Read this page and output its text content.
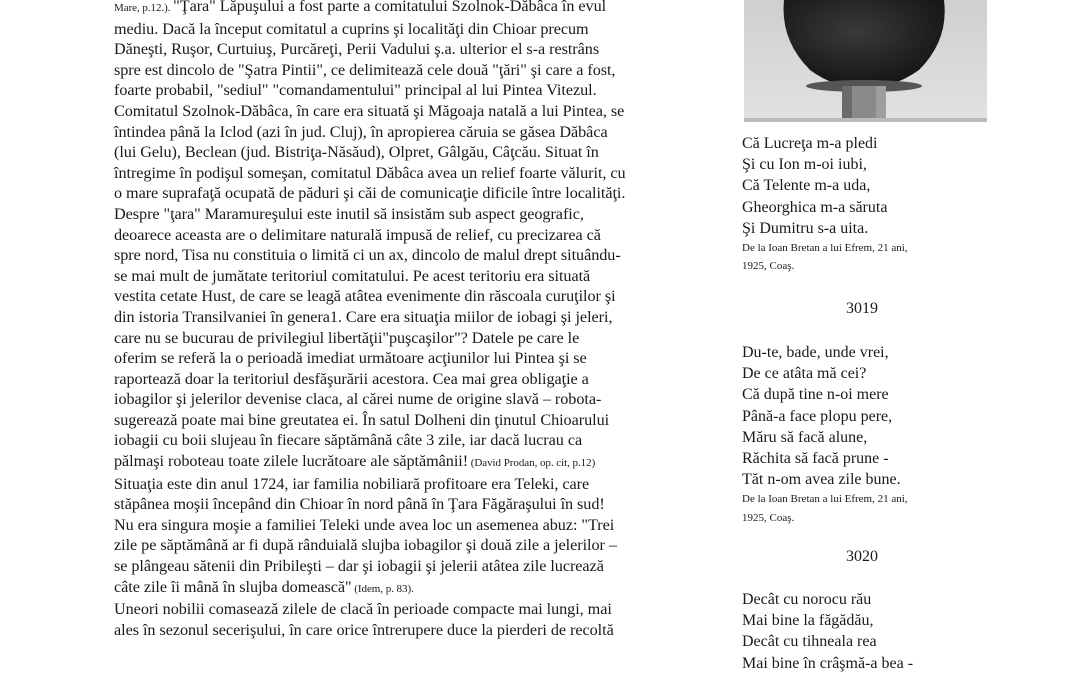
Mare, p.12.). "Ţara" Lăpuşului a fost parte a comitatului Szolnok-Dăbâca în evul
mediu. Dacă la început comitatul a cuprins şi localităţi din Chioar precum
Dăneşti, Ruşor, Curtuiuş, Purcăreţi, Perii Vadului ş.a. ulterior el s-a restrâns
spre est dincolo de "Şatra Pintii", ce delimitează cele două "ţări" şi care a fost,
foarte probabil, "sediul" "comandamentului" principal al lui Pintea Vitezul.
Comitatul Szolnok-Dăbâca, în care era situată şi Măgoaja natală a lui Pintea, se
întindea până la Iclod (azi în jud. Cluj), în apropierea căruia se găsea Dăbâca
(lui Gelu), Beclean (jud. Bistriţa-Năsăud), Olpret, Gâlgău, Câţcău. Situat în
întregime în podişul someşan, comitatul Dăbâca avea un relief foarte vălurit, cu
o mare suprafaţă ocupată de păduri şi căi de comunicaţie dificile între localităţi.
Despre "ţara" Maramureşului este inutil să insistăm sub aspect geografic,
deoarece aceasta are o delimitare naturală impusă de relief, cu precizarea că
spre nord, Tisa nu constituia o limită ci un ax, dincolo de malul drept situându-
se mai mult de jumătate teritoriul comitatului. Pe acest teritoriu era situată
vestita cetate Hust, de care se leagă atâtea evenimente din răscoala curuţilor şi
din istoria Transilvaniei în genera1. Care era situaţia miilor de iobagi şi jeleri,
care nu se bucurau de privilegiul libertăţii"puşcaşilor"? Datele pe care le
oferim se referă la o perioadă imediat următoare acţiunilor lui Pintea şi se
raportează doar la teritoriul desfăşurării acestora. Cea mai grea obligaţie a
iobagilor şi jelerilor devenise claca, al cărei nume de origine slavă – robota-
sugerează poate mai bine greutatea ei. În satul Dolheni din ţinutul Chioarului
iobagii cu boii slujeau în fiecare săptămână câte 3 zile, iar dacă lucrau ca
pălmaşi roboteau toate zilele lucrătoare ale săptămânii! (David Prodan, op. cit, p.12)
Situaţia este din anul 1724, iar familia nobiliară profitoare era Teleki, care
stăpânea moşii începând din Chioar în nord până în Ţara Făgăraşului în sud!
Nu era singura moşie a familiei Teleki unde avea loc un asemenea abuz: "Trei
zile pe săptămână ar fi după rânduială slujba iobagilor şi două zile a jelerilor –
se plângeau sătenii din Pribileşti – dar şi iobagii şi jelerii atâtea zile lucrează
câte zile îi mână în slujba domească" (Idem, p. 83).
Uneori nobilii comasează zilele de clacă în perioade compacte mai lungi, mai
ales în sezonul secerişului, în care orice întrerupere duce la pierderi de recoltă
Că Lucreţa m-a pledi
Şi cu Ion m-oi iubi,
Că Telente m-a uda,
Gheorghica m-a săruta
Şi Dumitru s-a uita.
De la Ioan Bretan a lui Efrem, 21 ani,
1925, Coaş.
3019
Du-te, bade, unde vrei,
De ce atâta mă cei?
Că după tine n-oi mere
Până-a face plopu pere,
Măru să facă alune,
Răchita să facă prune -
Tăt n-om avea zile bune.
De la Ioan Bretan a lui Efrem, 21 ani,
1925, Coaş.
3020
Decât cu norocu rău
Mai bine la făgădău,
Decât cu tihneala rea
Mai bine în crâşmă-a bea -
